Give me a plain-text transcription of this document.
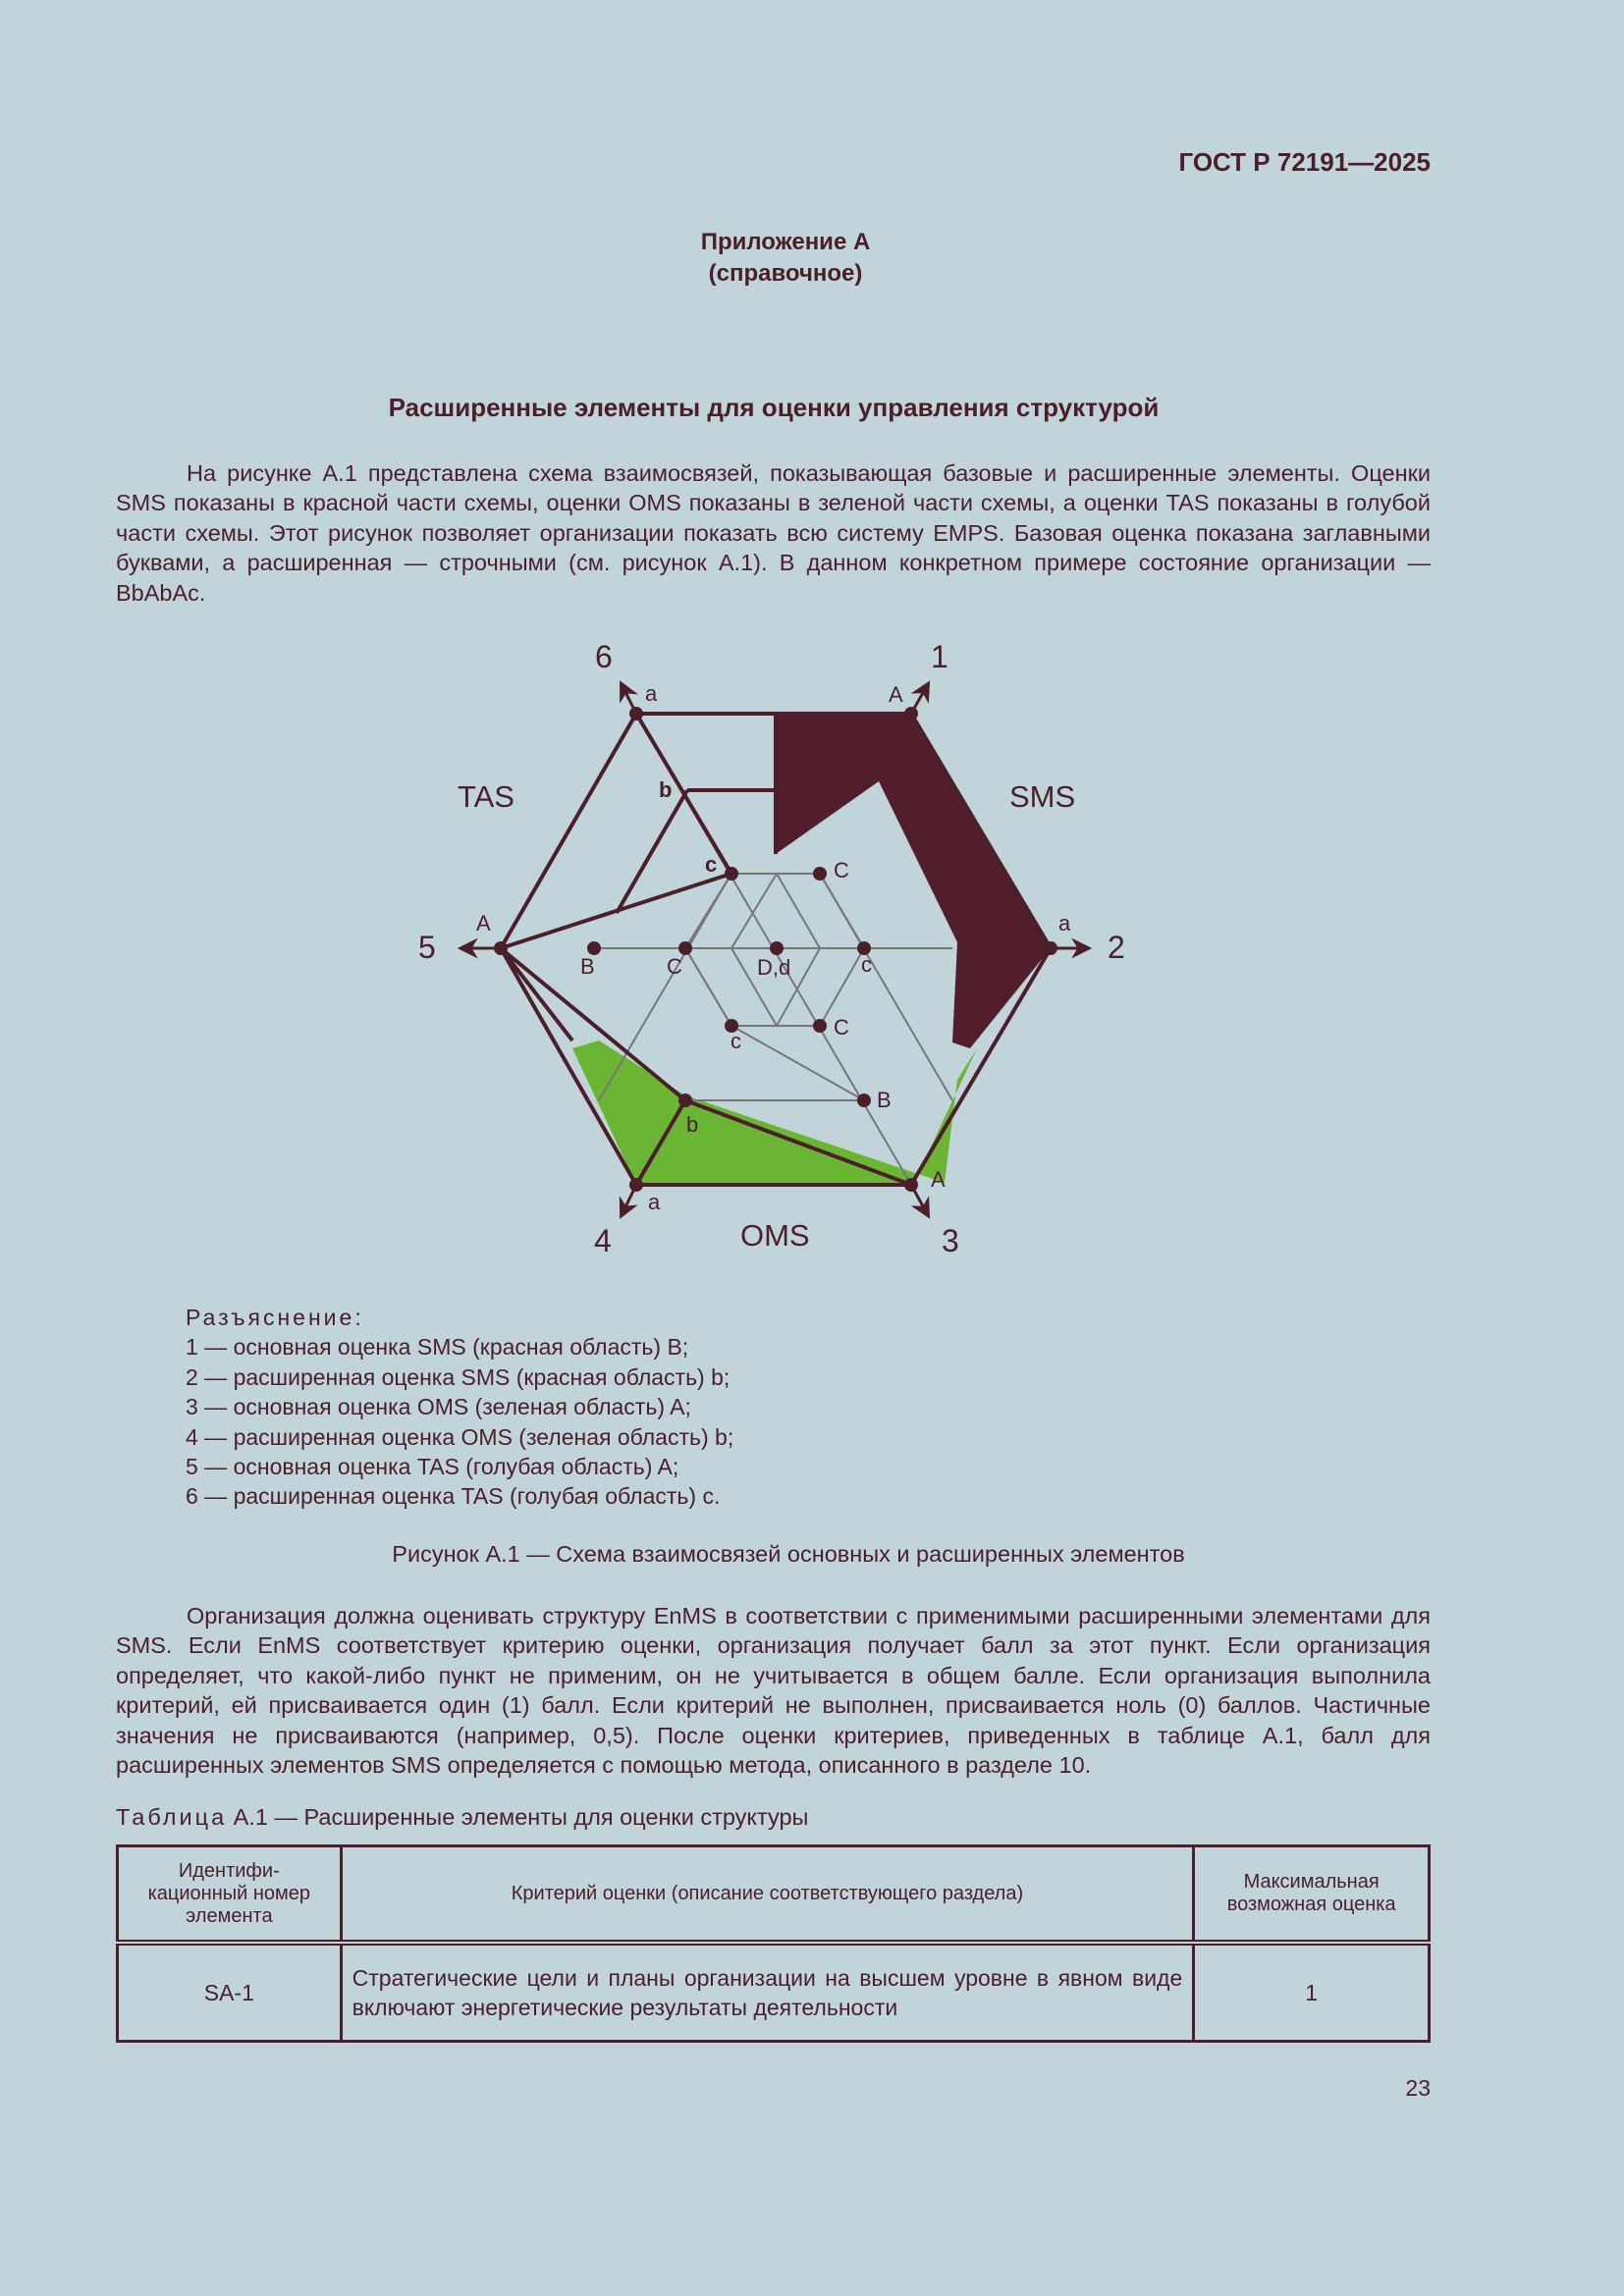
ГОСТ Р 72191—2025
Приложение А
(справочное)
Расширенные элементы для оценки управления структурой

На рисунке А.1 представлена схема взаимосвязей, показывающая базовые и расширенные элементы. Оценки SMS показаны в красной части схемы, оценки OMS показаны в зеленой части схемы, а оценки TAS показаны в голубой части схемы. Этот рисунок позволяет организации показать всю систему EMPS. Базовая оценка показана заглавными буквами, а расширенная — строчными (см. рисунок А.1). В данном конкретном примере состояние организации — BbAbAc.

1
2
3
4
5
6
SMS
OMS
TAS
A
a
A
a
A
a
b
c	C
c
C
B
c
b
B	C	D,d
Разъяснение:
1 — основная оценка SMS (красная область) B;
2 — расширенная оценка SMS (красная область) b;
3 — основная оценка OMS (зеленая область) A;
4 — расширенная оценка OMS (зеленая область) b;
5 — основная оценка TAS (голубая область) A;
6 — расширенная оценка TAS (голубая область) c.
Рисунок А.1 — Схема взаимосвязей основных и расширенных элементов

Организация должна оценивать структуру EnMS в соответствии с применимыми расширенными элементами для SMS. Если EnMS соответствует критерию оценки, организация получает балл за этот пункт. Если организация определяет, что какой-либо пункт не применим, он не учитывается в общем балле. Если организация выполнила критерий, ей присваивается один (1) балл. Если критерий не выполнен, присваивается ноль (0) баллов. Частичные значения не присваиваются (например, 0,5). После оценки критериев, приведенных в таблице А.1, балл для расширенных элементов SMS определяется с помощью метода, описанного в разделе 10.

Таблица А.1 — Расширенные элементы для оценки структуры
Идентифи-
кационный номер
элемента	Критерий оценки (описание соответствующего раздела)	Максимальная
возможная оценка
SA-1	Стратегические цели и планы организации на высшем уровне в явном виде включают энергетические результаты деятельности	1
23
